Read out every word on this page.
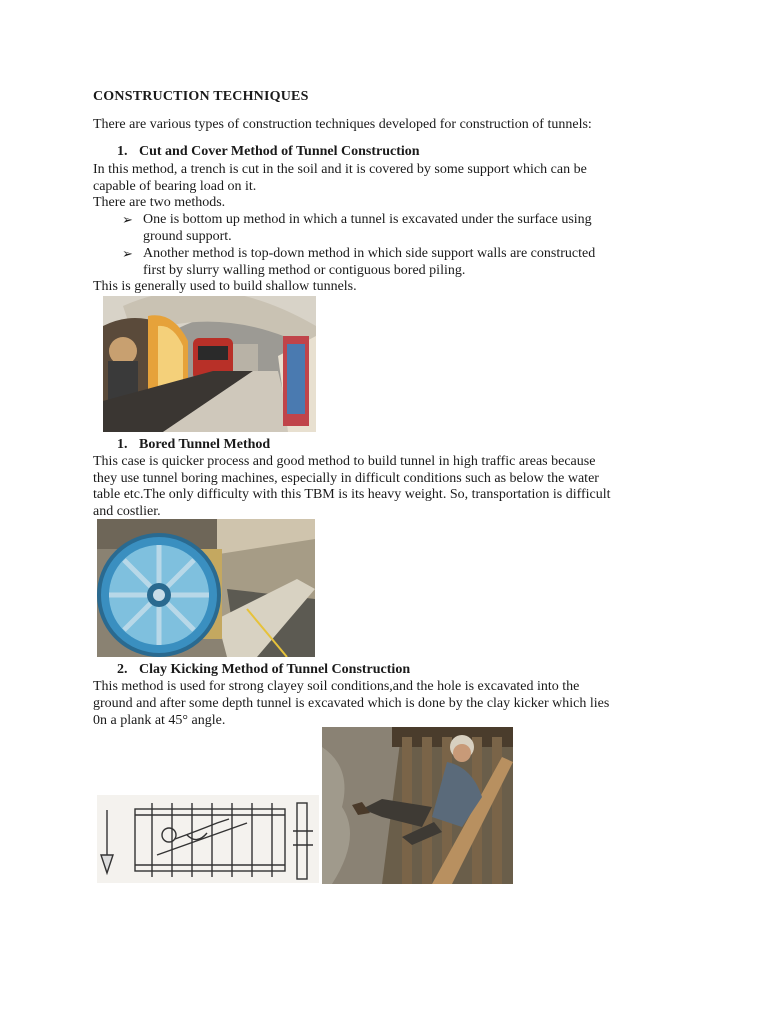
CONSTRUCTION TECHNIQUES
There are various types of construction techniques developed for construction of tunnels:
1. Cut and Cover Method of Tunnel Construction
In this method, a trench is cut in the soil and it is covered by some support which can be
capable of bearing load on it.
There are two methods.
➢ One is bottom up method in which a tunnel is excavated under the surface using
ground support.
➢ Another method is top-down method in which side support walls are constructed
first by slurry walling method or contiguous bored piling.
This is generally used to build shallow tunnels.
1. Bored Tunnel Method
This case is quicker process and good method to build tunnel in high traffic areas because
they use tunnel boring machines, especially in difficult conditions such as below the water
table etc.The only difficulty with this TBM is its heavy weight. So, transportation is difficult
and costlier.
2. Clay Kicking Method of Tunnel Construction
This method is used for strong clayey soil conditions,and the hole is excavated into the
ground and after some depth tunnel is excavated which is done by the clay kicker which lies
0n a plank at 45° angle.
